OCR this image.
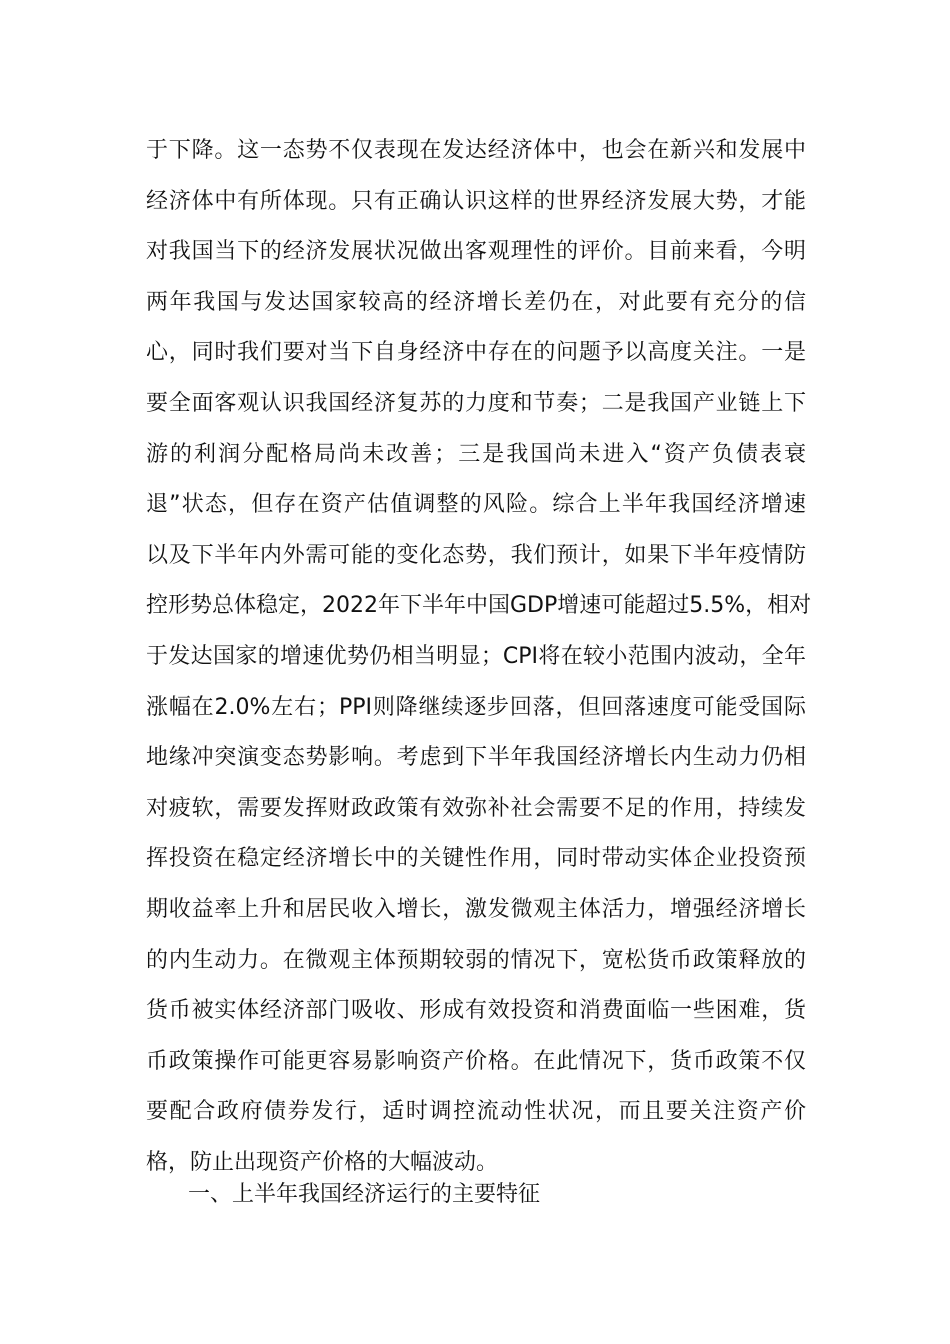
于下降。这一态势不仅表现在发达经济体中，也会在新兴和发展中
经济体中有所体现。只有正确认识这样的世界经济发展大势，才能
对我国当下的经济发展状况做出客观理性的评价。目前来看，今明
两年我国与发达国家较高的经济增长差仍在，对此要有充分的信
心，同时我们要对当下自身经济中存在的问题予以高度关注。一是
要全面客观认识我国经济复苏的力度和节奏；二是我国产业链上下
游的利润分配格局尚未改善；三是我国尚未进入“资产负债表衰
退”状态，但存在资产估值调整的风险。综合上半年我国经济增速
以及下半年内外需可能的变化态势，我们预计，如果下半年疫情防
控形势总体稳定，2022年下半年中国GDP增速可能超过5.5%，相对
于发达国家的增速优势仍相当明显；CPI将在较小范围内波动，全年
涨幅在2.0%左右；PPI则降继续逐步回落，但回落速度可能受国际
地缘冲突演变态势影响。考虑到下半年我国经济增长内生动力仍相
对疲软，需要发挥财政政策有效弥补社会需要不足的作用，持续发
挥投资在稳定经济增长中的关键性作用，同时带动实体企业投资预
期收益率上升和居民收入增长，激发微观主体活力，增强经济增长
的内生动力。在微观主体预期较弱的情况下，宽松货币政策释放的
货币被实体经济部门吸收、形成有效投资和消费面临一些困难，货
币政策操作可能更容易影响资产价格。在此情况下，货币政策不仅
要配合政府债券发行，适时调控流动性状况，而且要关注资产价
格，防止出现资产价格的大幅波动。
一、上半年我国经济运行的主要特征
